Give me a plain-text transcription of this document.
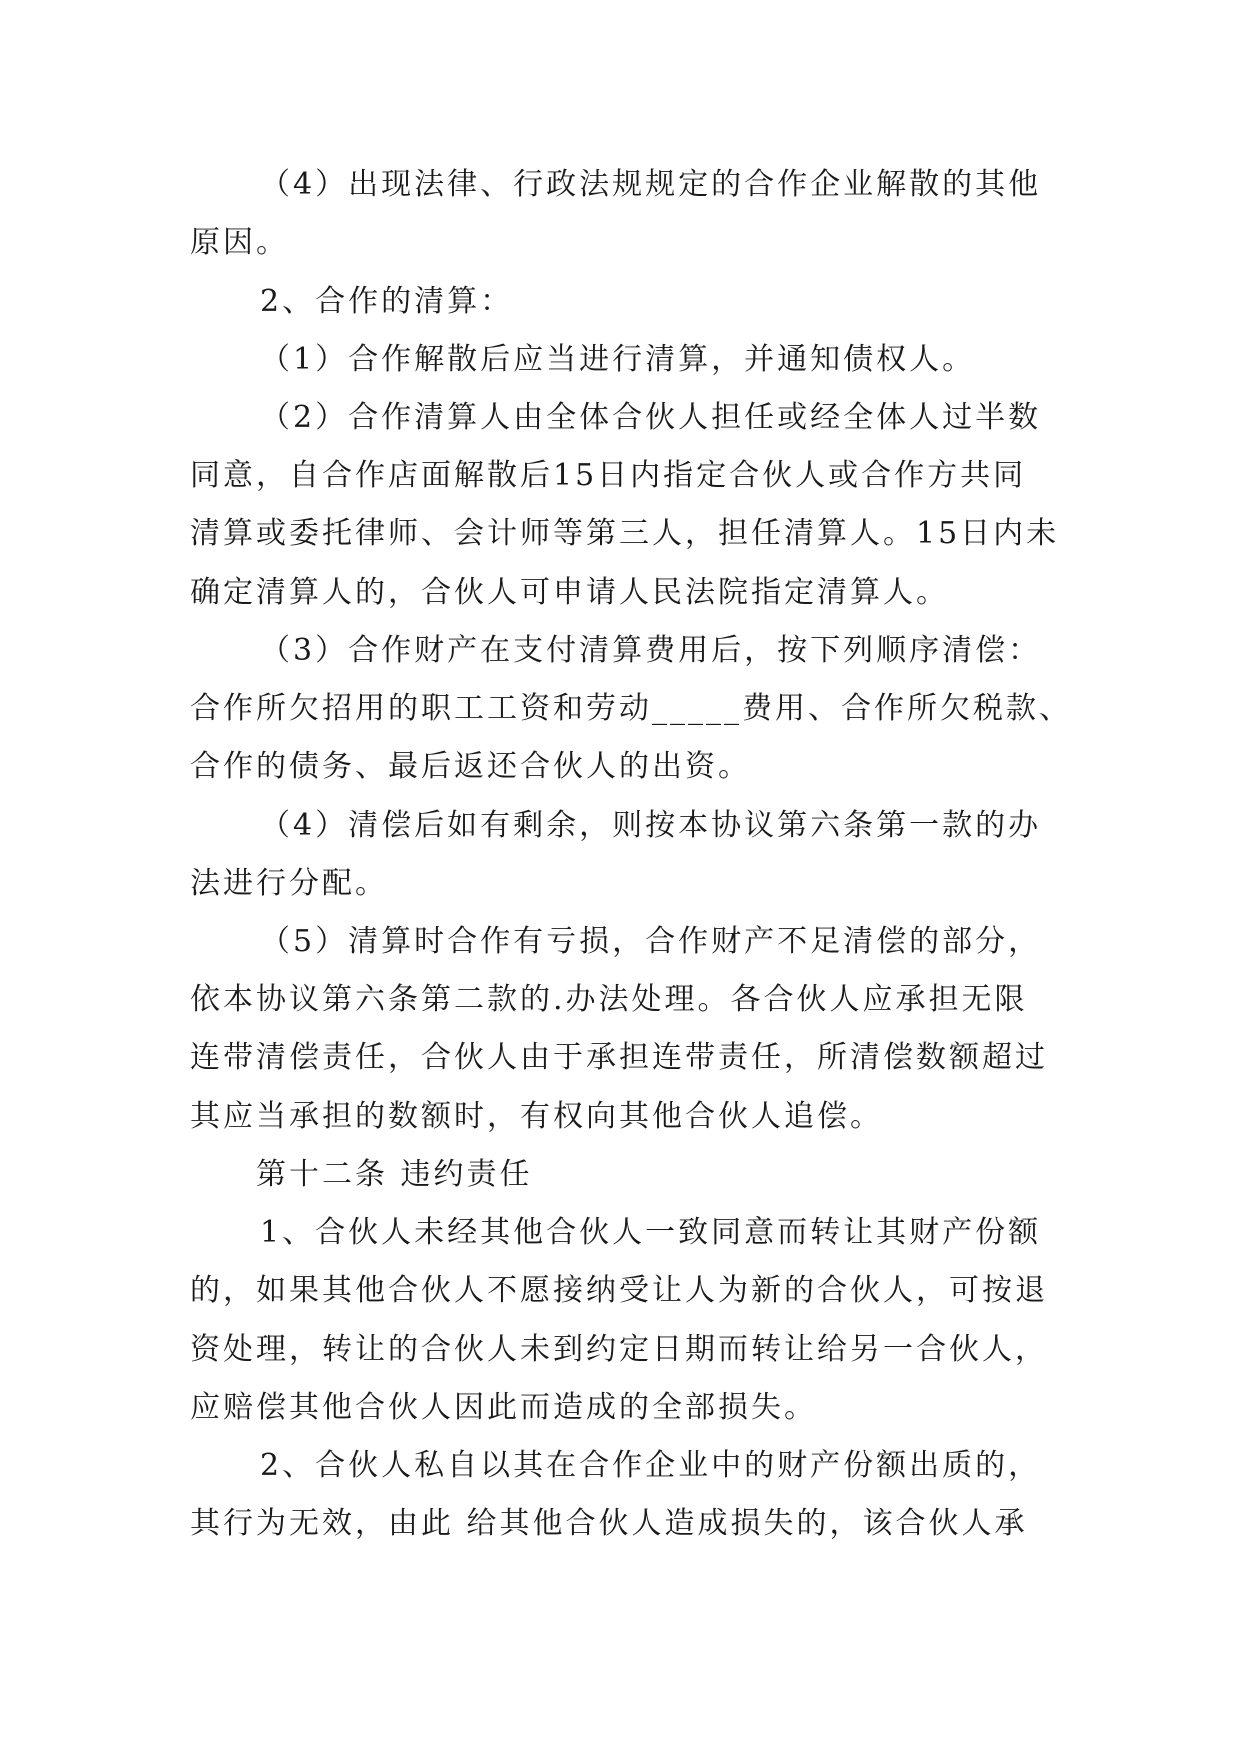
（4）出现法律、行政法规规定的合作企业解散的其他
原因。
2、合作的清算：
（1）合作解散后应当进行清算，并通知债权人。
（2）合作清算人由全体合伙人担任或经全体人过半数
同意，自合作店面解散后15日内指定合伙人或合作方共同
清算或委托律师、会计师等第三人，担任清算人。15日内未
确定清算人的，合伙人可申请人民法院指定清算人。
（3）合作财产在支付清算费用后，按下列顺序清偿：
合作所欠招用的职工工资和劳动_____费用、合作所欠税款、
合作的债务、最后返还合伙人的出资。
（4）清偿后如有剩余，则按本协议第六条第一款的办
法进行分配。
（5）清算时合作有亏损，合作财产不足清偿的部分，
依本协议第六条第二款的.办法处理。各合伙人应承担无限
连带清偿责任，合伙人由于承担连带责任，所清偿数额超过
其应当承担的数额时，有权向其他合伙人追偿。
第十二条 违约责任
1、合伙人未经其他合伙人一致同意而转让其财产份额
的，如果其他合伙人不愿接纳受让人为新的合伙人，可按退
资处理，转让的合伙人未到约定日期而转让给另一合伙人，
应赔偿其他合伙人因此而造成的全部损失。
2、合伙人私自以其在合作企业中的财产份额出质的，
其行为无效，由此 给其他合伙人造成损失的，该合伙人承
